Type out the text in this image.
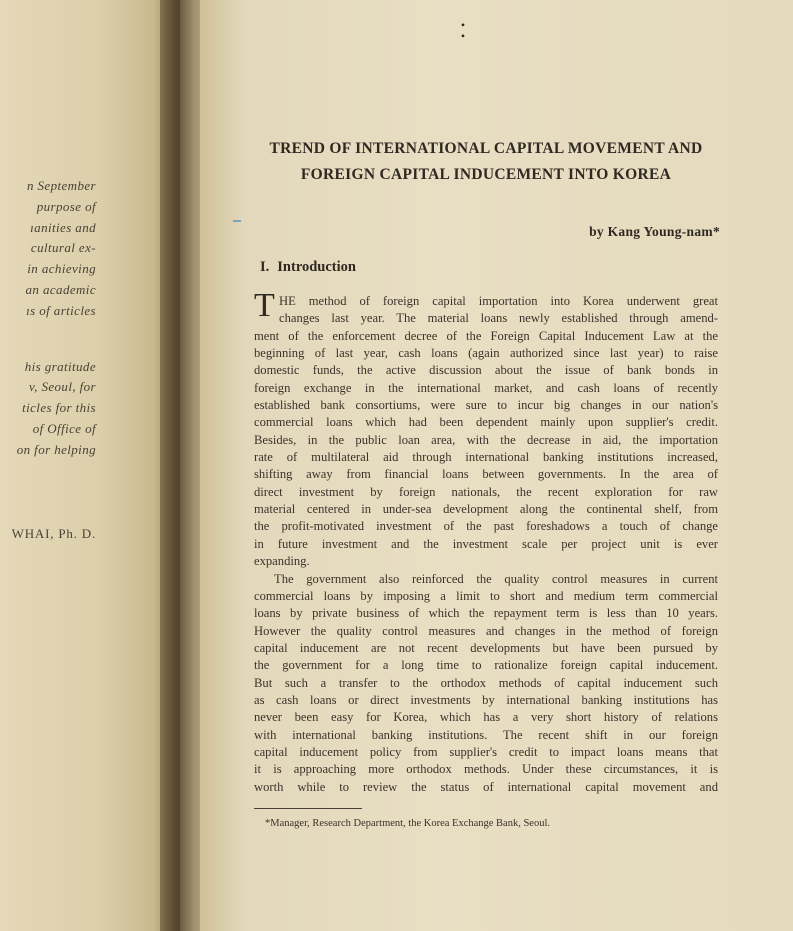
n September
purpose of
ıanities and
cultural ex-
in achieving
an academic
ıs of articles
his gratitude
v, Seoul, for
ticles for this
of Office of
on for helping
WHAI, Ph. D.
•
•
TREND OF INTERNATIONAL CAPITAL MOVEMENT AND
FOREIGN CAPITAL INDUCEMENT INTO KOREA
by Kang Young-nam*
I. Introduction
T HE method of foreign capital importation into Korea underwent great
changes last year. The material loans newly established through amend-
ment of the enforcement decree of the Foreign Capital Inducement Law at the
beginning of last year, cash loans (again authorized since last year) to raise
domestic funds, the active discussion about the issue of bank bonds in
foreign exchange in the international market, and cash loans of recently
established bank consortiums, were sure to incur big changes in our nation's
commercial loans which had been dependent mainly upon supplier's credit.
Besides, in the public loan area, with the decrease in aid, the importation
rate of multilateral aid through international banking institutions increased,
shifting away from financial loans between governments. In the area of
direct investment by foreign nationals, the recent exploration for raw
material centered in under-sea development along the continental shelf, from
the profit-motivated investment of the past foreshadows a touch of change
in future investment and the investment scale per project unit is ever
expanding.
The government also reinforced the quality control measures in current
commercial loans by imposing a limit to short and medium term commercial
loans by private business of which the repayment term is less than 10 years.
However the quality control measures and changes in the method of foreign
capital inducement are not recent developments but have been pursued by
the government for a long time to rationalize foreign capital inducement.
But such a transfer to the orthodox methods of capital inducement such
as cash loans or direct investments by international banking institutions has
never been easy for Korea, which has a very short history of relations
with international banking institutions. The recent shift in our foreign
capital inducement policy from supplier's credit to impact loans means that
it is approaching more orthodox methods. Under these circumstances, it is
worth while to review the status of international capital movement and
*Manager, Research Department, the Korea Exchange Bank, Seoul.
